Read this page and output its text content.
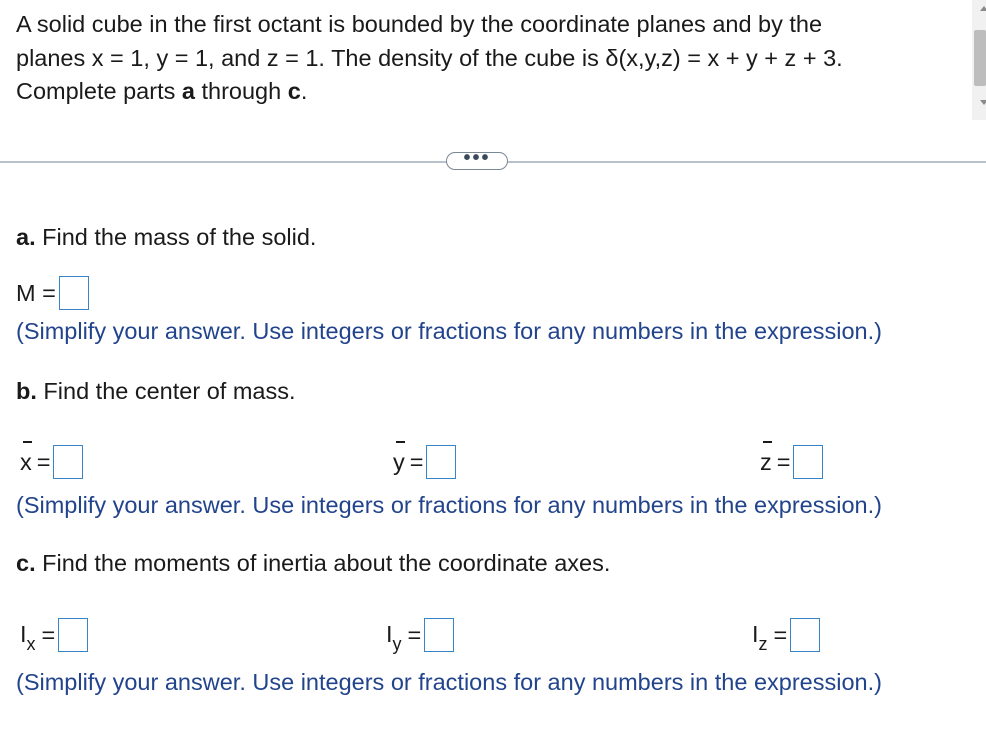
A solid cube in the first octant is bounded by the coordinate planes and by the
planes x = 1, y = 1, and z = 1. The density of the cube is δ(x,y,z) = x + y + z + 3.
Complete parts a through c.
•••
a. Find the mass of the solid.
M =
(Simplify your answer. Use integers or fractions for any numbers in the expression.)
b. Find the center of mass.
x =	y =	z =
(Simplify your answer. Use integers or fractions for any numbers in the expression.)
c. Find the moments of inertia about the coordinate axes.
$I_x$ =	$I_y$ =	$I_z$ =
(Simplify your answer. Use integers or fractions for any numbers in the expression.)
